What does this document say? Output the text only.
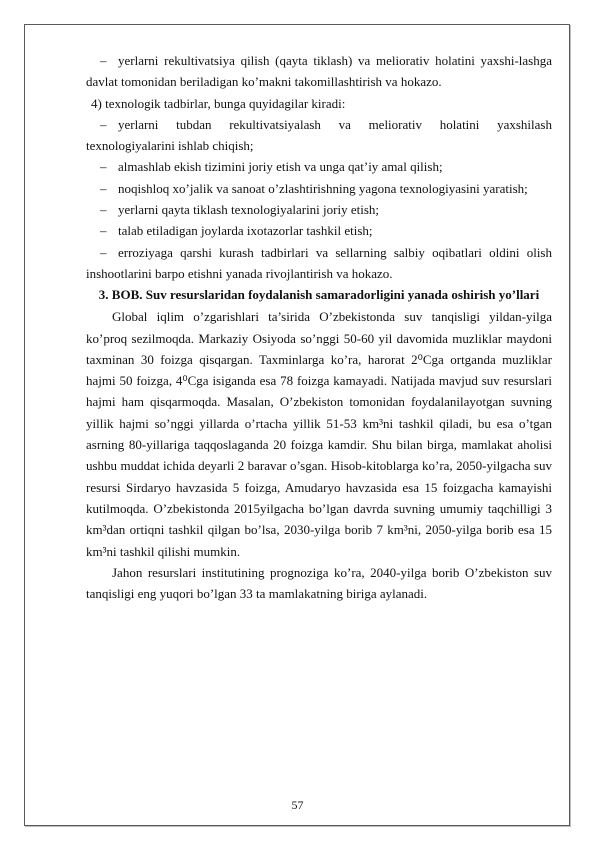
‒ yerlarni rekultivatsiya qilish (qayta tiklash) va meliorativ holatini yaxshi-lashga davlat tomonidan beriladigan ko’makni takomillashtirish va hokazo.

4) texnologik tadbirlar, bunga quyidagilar kiradi:

‒ yerlarni tubdan rekultivatsiyalash va meliorativ holatini yaxshilash texnologiyalarini ishlab chiqish;

‒ almashlab ekish tizimini joriy etish va unga qat’iy amal qilish;

‒ noqishloq xo’jalik va sanoat o’zlashtirishning yagona texnologiyasini yaratish;

‒ yerlarni qayta tiklash texnologiyalarini joriy etish;

‒ talab etiladigan joylarda ixotazorlar tashkil etish;

‒ erroziyaga qarshi kurash tadbirlari va sellarning salbiy oqibatlari oldini olish inshootlarini barpo etishni yanada rivojlantirish va hokazo.

3. BOB. Suv resurslaridan foydalanish samaradorligini yanada oshirish yo’llari

Global iqlim o’zgarishlari ta’sirida O’zbekistonda suv tanqisligi yildan-yilga ko’proq sezilmoqda. Markaziy Osiyoda so’nggi 50-60 yil davomida muzliklar maydoni taxminan 30 foizga qisqargan. Taxminlarga ko’ra, harorat 2⁰Cga ortganda muzliklar hajmi 50 foizga, 4⁰Cga isiganda esa 78 foizga kamayadi. Natijada mavjud suv resurslari hajmi ham qisqarmoqda. Masalan, O’zbekiston tomonidan foydalanilayotgan suvning yillik hajmi so’nggi yillarda o’rtacha yillik 51-53 km³ni tashkil qiladi, bu esa o’tgan asrning 80-yillariga taqqoslaganda 20 foizga kamdir. Shu bilan birga, mamlakat aholisi ushbu muddat ichida deyarli 2 baravar o’sgan. Hisob-kitoblarga ko’ra, 2050-yilgacha suv resursi Sirdaryo havzasida 5 foizga, Amudaryo havzasida esa 15 foizgacha kamayishi kutilmoqda. O’zbekistonda 2015yilgacha bo’lgan davrda suvning umumiy taqchilligi 3 km³dan ortiqni tashkil qilgan bo’lsa, 2030-yilga borib 7 km³ni, 2050-yilga borib esa 15 km³ni tashkil qilishi mumkin.

Jahon resurslari institutining prognoziga ko’ra, 2040-yilga borib O’zbekiston suv tanqisligi eng yuqori bo’lgan 33 ta mamlakatning biriga aylanadi.

57
